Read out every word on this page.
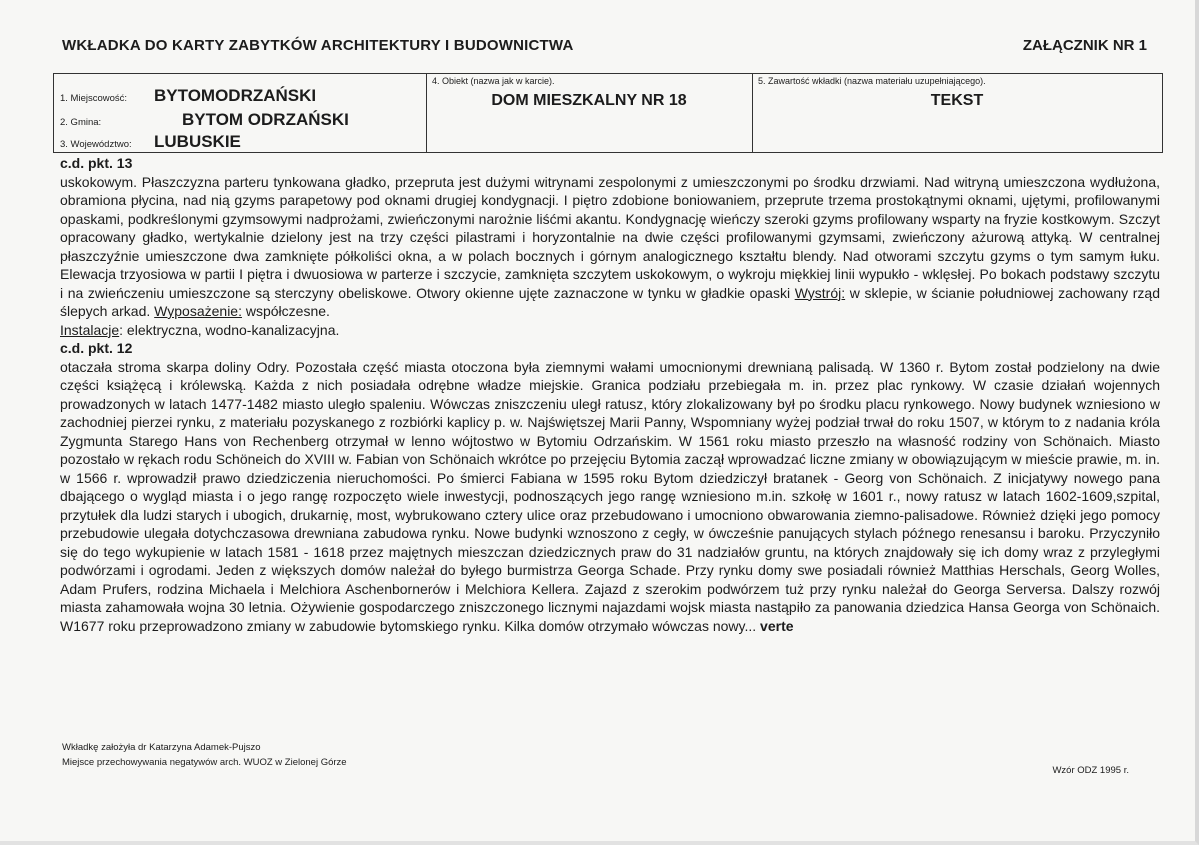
WKŁADKA DO KARTY ZABYTKÓW ARCHITEKTURY I BUDOWNICTWA	ZAŁĄCZNIK NR 1
1. Miejscowość: BYTOMODRZAŃSKI
2. Gmina:	BYTOM ODRZAŃSKI
3. Województwo: LUBUSKIE
4. Obiekt (nazwa jak w karcie).
DOM MIESZKALNY NR 18
5. Zawartość wkładki (nazwa materiału uzupełniającego).
TEKST
c.d. pkt. 13

uskokowym. Płaszczyzna parteru tynkowana gładko, przepruta jest dużymi witrynami zespolonymi z umieszczonymi po środku drzwiami. Nad witryną umieszczona wydłużona, obramiona płycina, nad nią gzyms parapetowy pod oknami drugiej kondygnacji. I piętro zdobione boniowaniem, przeprute trzema prostokątnymi oknami, ujętymi, profilowanymi opaskami, podkreślonymi gzymsowymi nadprożami, zwieńczonymi narożnie liśćmi akantu. Kondygnację wieńczy szeroki gzyms profilowany wsparty na fryzie kostkowym. Szczyt opracowany gładko, wertykalnie dzielony jest na trzy części pilastrami i horyzontalnie na dwie części profilowanymi gzymsami, zwieńczony ażurową attyką. W centralnej płaszczyźnie umieszczone dwa zamknięte półkoliści okna, a w polach bocznych i górnym analogicznego kształtu blendy. Nad otworami szczytu gzyms o tym samym łuku. Elewacja trzyosiowa w partii I piętra i dwuosiowa w parterze i szczycie, zamknięta szczytem uskokowym, o wykroju miękkiej linii wypukło - wklęsłej. Po bokach podstawy szczytu i na zwieńczeniu umieszczone są sterczyny obeliskowe. Otwory okienne ujęte zaznaczone w tynku w gładkie opaski Wystrój: w sklepie, w ścianie południowej zachowany rząd ślepych arkad. Wyposażenie: współczesne.
Instalacje: elektryczna, wodno-kanalizacyjna.

c.d. pkt. 12

otaczała stroma skarpa doliny Odry. Pozostała część miasta otoczona była ziemnymi wałami umocnionymi drewnianą palisadą. W 1360 r. Bytom został podzielony na dwie części książęcą i królewską. Każda z nich posiadała odrębne władze miejskie. Granica podziału przebiegała m. in. przez plac rynkowy. W czasie działań wojennych prowadzonych w latach 1477-1482 miasto uległo spaleniu. Wówczas zniszczeniu uległ ratusz, który zlokalizowany był po środku placu rynkowego. Nowy budynek wzniesiono w zachodniej pierzei rynku, z materiału pozyskanego z rozbiórki kaplicy p. w. Najświętszej Marii Panny, Wspomniany wyżej podział trwał do roku 1507, w którym to z nadania króla Zygmunta Starego Hans von Rechenberg otrzymał w lenno wójtostwo w Bytomiu Odrzańskim. W 1561 roku miasto przeszło na własność rodziny von Schönaich. Miasto pozostało w rękach rodu Schöneich do XVIII w. Fabian von Schönaich wkrótce po przejęciu Bytomia zaczął wprowadzać liczne zmiany w obowiązującym w mieście prawie, m. in. w 1566 r. wprowadził prawo dziedziczenia nieruchomości. Po śmierci Fabiana w 1595 roku Bytom dziedziczył bratanek - Georg von Schönaich. Z inicjatywy nowego pana dbającego o wygląd miasta i o jego rangę rozpoczęto wiele inwestycji, podnoszących jego rangę wzniesiono m.in. szkołę w 1601 r., nowy ratusz w latach 1602-1609,szpital, przytułek dla ludzi starych i ubogich, drukarnię, most, wybrukowano cztery ulice oraz przebudowano i umocniono obwarowania ziemno-palisadowe. Również dzięki jego pomocy przebudowie ulegała dotychczasowa drewniana zabudowa rynku. Nowe budynki wznoszono z cegły, w ówcześnie panujących stylach późnego renesansu i baroku. Przyczyniło się do tego wykupienie w latach 1581 - 1618 przez majętnych mieszczan dziedzicznych praw do 31 nadziałów gruntu, na których znajdowały się ich domy wraz z przyległymi podwórzami i ogrodami. Jeden z większych domów należał do byłego burmistrza Georga Schade. Przy rynku domy swe posiadali również Matthias Herschals, Georg Wolles, Adam Prufers, rodzina Michaela i Melchiora Aschenbornerów i Melchiora Kellera. Zajazd z szerokim podwórzem tuż przy rynku należał do Georga Serversa. Dalszy rozwój miasta zahamowała wojna 30 letnia. Ożywienie gospodarczego zniszczonego licznymi najazdami wojsk miasta nastąpiło za panowania dziedzica Hansa Georga von Schönaich. W1677 roku przeprowadzono zmiany w zabudowie bytomskiego rynku. Kilka domów otrzymało wówczas nowy... verte

Wkładkę założyła dr Katarzyna Adamek-Pujszo
Miejsce przechowywania negatywów arch. WUOZ w Zielonej Górze
Wzór ODZ 1995 r.
